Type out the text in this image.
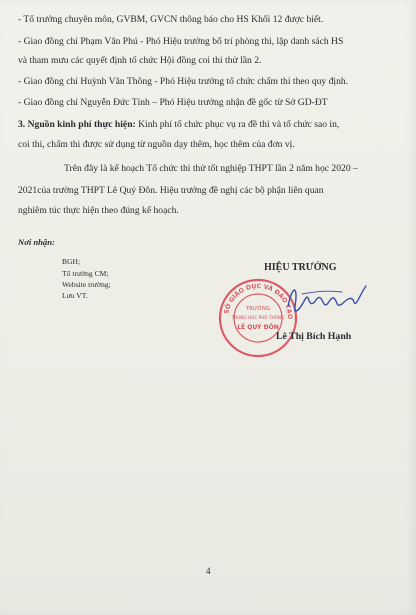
- Tổ trưởng chuyên môn, GVBM, GVCN thông báo cho HS Khối 12 được biết.
- Giao đồng chí Phạm Văn Phú - Phó Hiệu trưởng bố trí phòng thi, lập danh sách HS
và tham mưu các quyết định tổ chức Hội đồng coi thi thử lần 2.
- Giao đồng chí Huỳnh Văn Thông - Phó Hiệu trưởng tổ chức chấm thi theo quy định.
- Giao đồng chí Nguyễn Đức Tính – Phó Hiệu trưởng nhận đề gốc từ Sở GD-ĐT
3. Nguồn kinh phí thực hiện: Kinh phí tổ chức phục vụ ra đề thi và tổ chức sao in,
coi thi, chấm thi được sử dụng từ nguồn dạy thêm, học thêm của đơn vị.
Trên đây là kế hoạch Tổ chức thi thử tốt nghiệp THPT lần 2 năm học 2020 –
2021của trường THPT Lê Quý Đôn. Hiệu trưởng đề nghị các bộ phận liên quan
nghiêm túc thực hiện theo đúng kế hoạch.
Nơi nhận:
BGH;
Tổ trưởng CM;
Website trường;
Lưu VT.
HIỆU TRƯỞNG
SỞ GIÁO DỤC VÀ ĐÀO TẠO
TRƯỜNG
TRUNG HỌC PHỔ THÔNG
LÊ QUÝ ĐÔN
Lê Thị Bích Hạnh
4
